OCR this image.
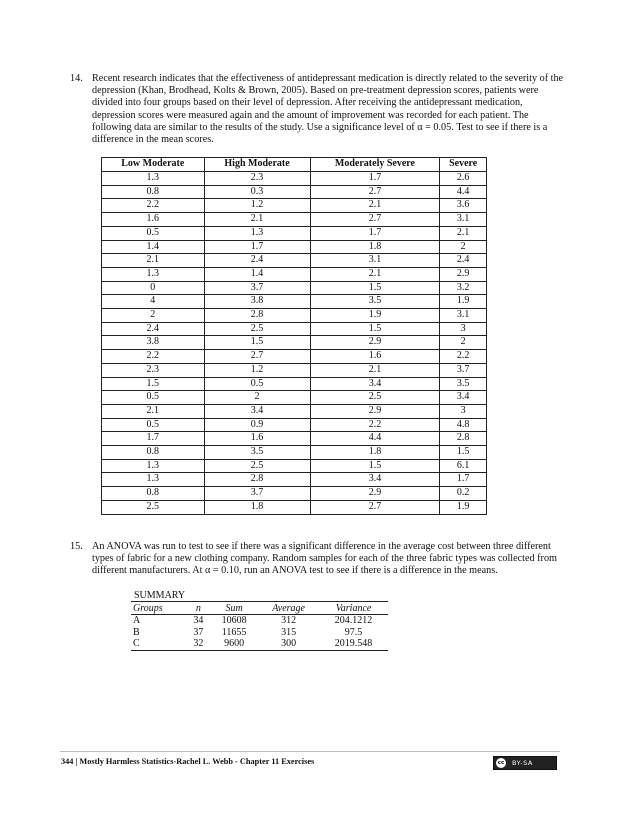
14. Recent research indicates that the effectiveness of antidepressant medication is directly related to the severity of the depression (Khan, Brodhead, Kolts & Brown, 2005). Based on pre-treatment depression scores, patients were divided into four groups based on their level of depression. After receiving the antidepressant medication, depression scores were measured again and the amount of improvement was recorded for each patient. The following data are similar to the results of the study. Use a significance level of α = 0.05. Test to see if there is a difference in the mean scores.
Low Moderate	High Moderate	Moderately Severe	Severe
1.3	2.3	1.7	2.6
0.8	0.3	2.7	4.4
2.2	1.2	2.1	3.6
1.6	2.1	2.7	3.1
0.5	1.3	1.7	2.1
1.4	1.7	1.8	2
2.1	2.4	3.1	2.4
1.3	1.4	2.1	2.9
0	3.7	1.5	3.2
4	3.8	3.5	1.9
2	2.8	1.9	3.1
2.4	2.5	1.5	3
3.8	1.5	2.9	2
2.2	2.7	1.6	2.2
2.3	1.2	2.1	3.7
1.5	0.5	3.4	3.5
0.5	2	2.5	3.4
2.1	3.4	2.9	3
0.5	0.9	2.2	4.8
1.7	1.6	4.4	2.8
0.8	3.5	1.8	1.5
1.3	2.5	1.5	6.1
1.3	2.8	3.4	1.7
0.8	3.7	2.9	0.2
2.5	1.8	2.7	1.9
15. An ANOVA was run to test to see if there was a significant difference in the average cost between three different types of fabric for a new clothing company. Random samples for each of the three fabric types was collected from different manufacturers. At α = 0.10, run an ANOVA test to see if there is a difference in the means.
SUMMARY
Groups	n	Sum	Average	Variance
A	34	10608	312	204.1212
B	37	11655	315	97.5
C	32	9600	300	2019.548
344 | Mostly Harmless Statistics-Rachel L. Webb - Chapter 11 Exercises	cc BY-SA
